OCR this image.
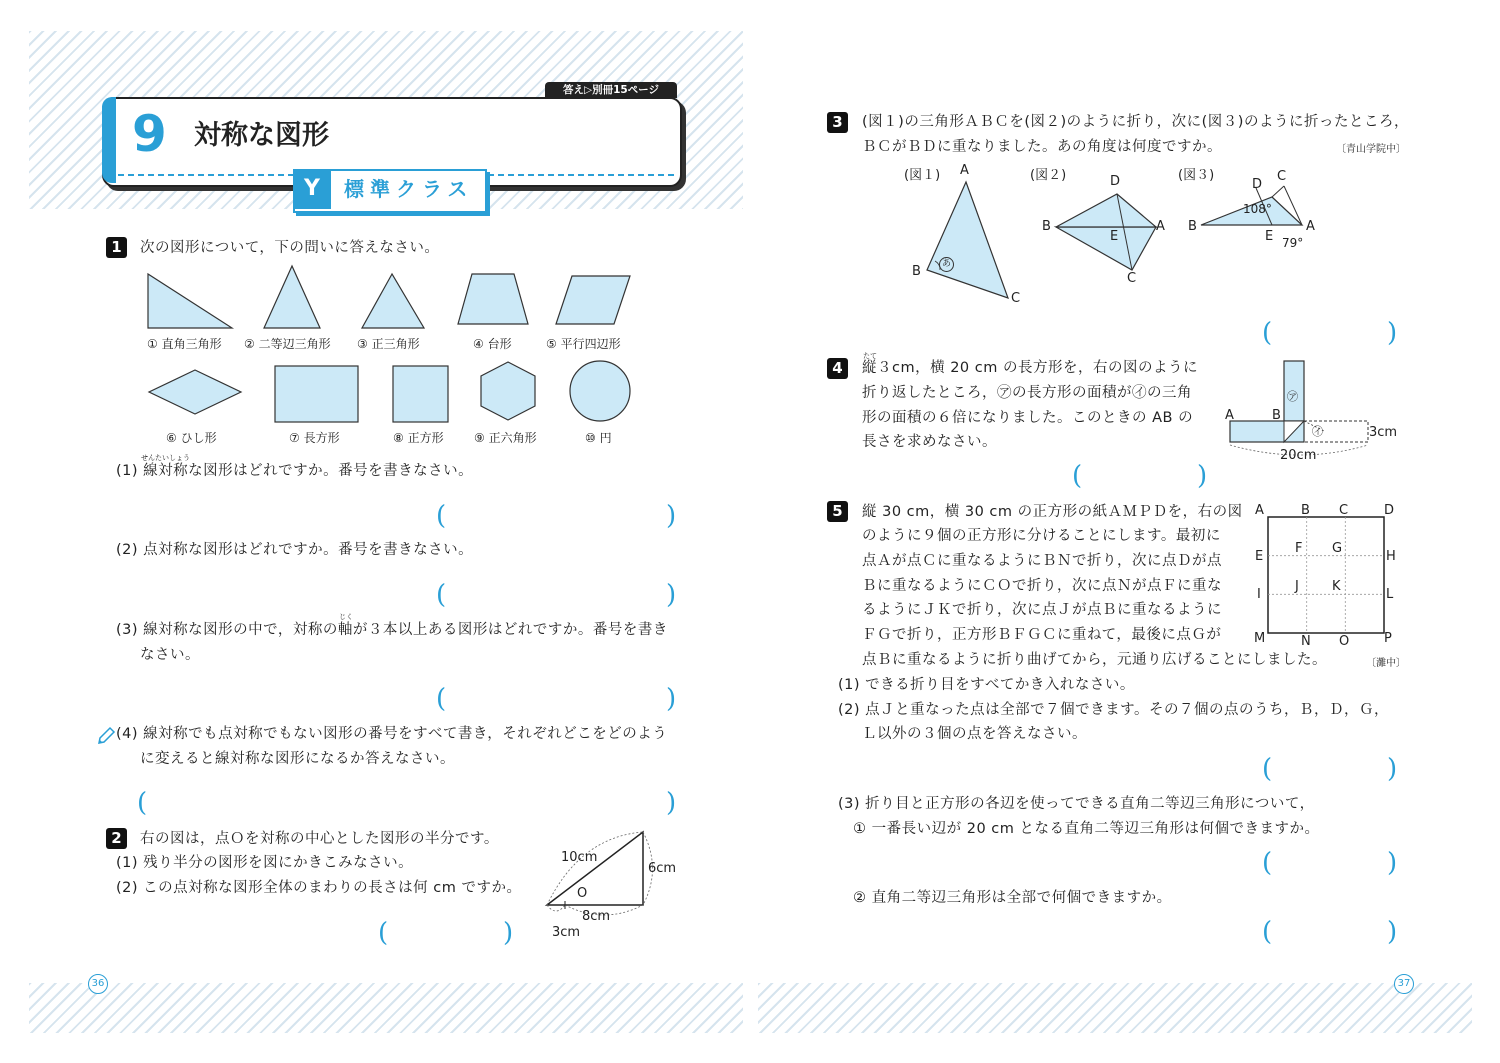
答え▷別冊15ページ
9 対称な図形
Y	標準クラス
1	次の図形について，下の問いに答えなさい。
① 直角三角形 ② 二等辺三角形 ③ 正三角形	④ 台形	⑤ 平行四辺形
⑥ ひし形	⑦ 長方形	⑧ 正方形	⑨ 正六角形	⑩ 円
せんたいしょう
(1) 線対称な図形はどれですか。番号を書きなさい。
(	)
(2) 点対称な図形はどれですか。番号を書きなさい。
(	)
じく
(3) 線対称な図形の中で，対称の軸が３本以上ある図形はどれですか。番号を書き
なさい。
(	)
(4) 線対称でも点対称でもない図形の番号をすべて書き，それぞれどこをどのよう
に変えると線対称な図形になるか答えなさい。
(	)
2	右の図は，点Ｏを対称の中心とした図形の半分です。
(1) 残り半分の図形を図にかきこみなさい。
(2) この点対称な図形全体のまわりの長さは何 cm ですか。
(	)
10cm
6cm
O
8cm
3cm
3	(図１)の三角形ＡＢＣを(図２)のように折り，次に(図３)のように折ったところ，
ＢＣがＢＤに重なりました。あの角度は何度ですか。	〔青山学院中〕
(図１)	(図２)	(図３)
A
B
C
あ
D
B
E
A
C
D
C
B
108°
E 79°
A
(	)
4
たて
縦３cm，横 20 cm の長方形を，右の図のように
折り返したところ，㋐の長方形の面積が㋑の三角
形の面積の６倍になりました。このときの AB の
長さを求めなさい。
A	B
㋐
㋑	3cm
20cm
(	)
5	縦 30 cm，横 30 cm の正方形の紙ＡＭＰＤを，右の図
のように９個の正方形に分けることにします。最初に
点Ａが点Ｃに重なるようにＢＮで折り，次に点Ｄが点
Ｂに重なるようにＣＯで折り，次に点Ｎが点Ｆに重な
るようにＪＫで折り，次に点Ｊが点Ｂに重なるように
ＦＧで折り，正方形ＢＦＧＣに重ねて，最後に点Ｇが
点Ｂに重なるように折り曲げてから，元通り広げることにしました。	〔灘中〕
A	B C	D
E
F G
H
I
J	K
L
M	N O	P
(1) できる折り目をすべてかき入れなさい。
(2) 点Ｊと重なった点は全部で７個できます。その７個の点のうち，Ｂ，Ｄ，Ｇ，
Ｌ以外の３個の点を答えなさい。
(	)
(3) 折り目と正方形の各辺を使ってできる直角二等辺三角形について，
① 一番長い辺が 20 cm となる直角二等辺三角形は何個できますか。
(	)
② 直角二等辺三角形は全部で何個できますか。
(	)
36	37
